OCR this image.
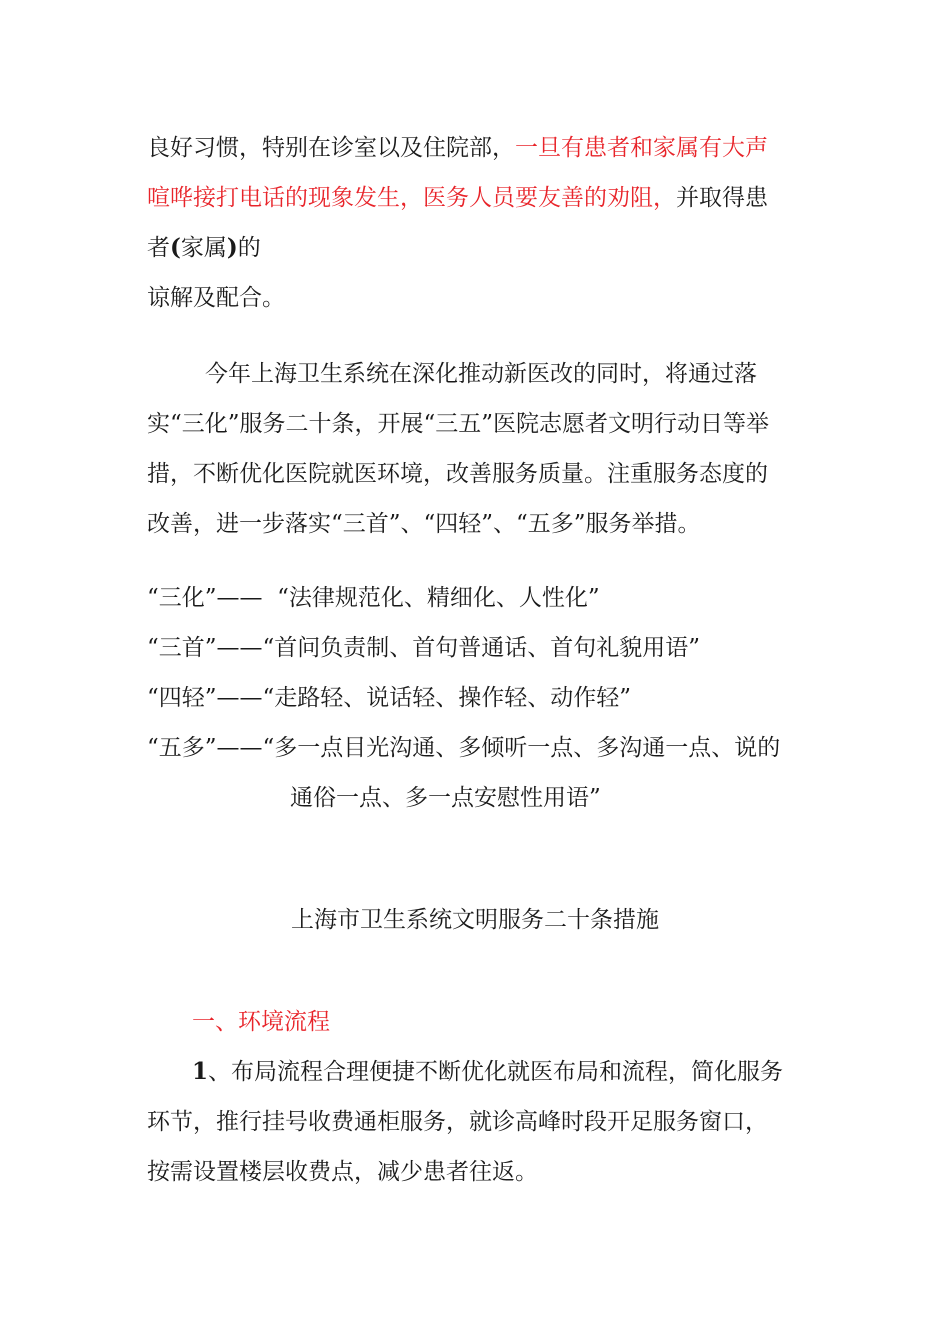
良好习惯，特别在诊室以及住院部，一旦有患者和家属有大声
喧哗接打电话的现象发生，医务人员要友善的劝阻，并取得患
者(家属)的
谅解及配合。
今年上海卫生系统在深化推动新医改的同时，将通过落
实“三化”服务二十条，开展“三五”医院志愿者文明行动日等举
措，不断优化医院就医环境，改善服务质量。注重服务态度的
改善，进一步落实“三首”、“四轻”、“五多”服务举措。
“三化”—— “法律规范化、精细化、人性化”
“三首”——“首问负责制、首句普通话、首句礼貌用语”
“四轻”——“走路轻、说话轻、操作轻、动作轻”
“五多”——“多一点目光沟通、多倾听一点、多沟通一点、说的
通俗一点、多一点安慰性用语”
上海市卫生系统文明服务二十条措施
一、环境流程
1、布局流程合理便捷不断优化就医布局和流程，简化服务
环节，推行挂号收费通柜服务，就诊高峰时段开足服务窗口，
按需设置楼层收费点，减少患者往返。
